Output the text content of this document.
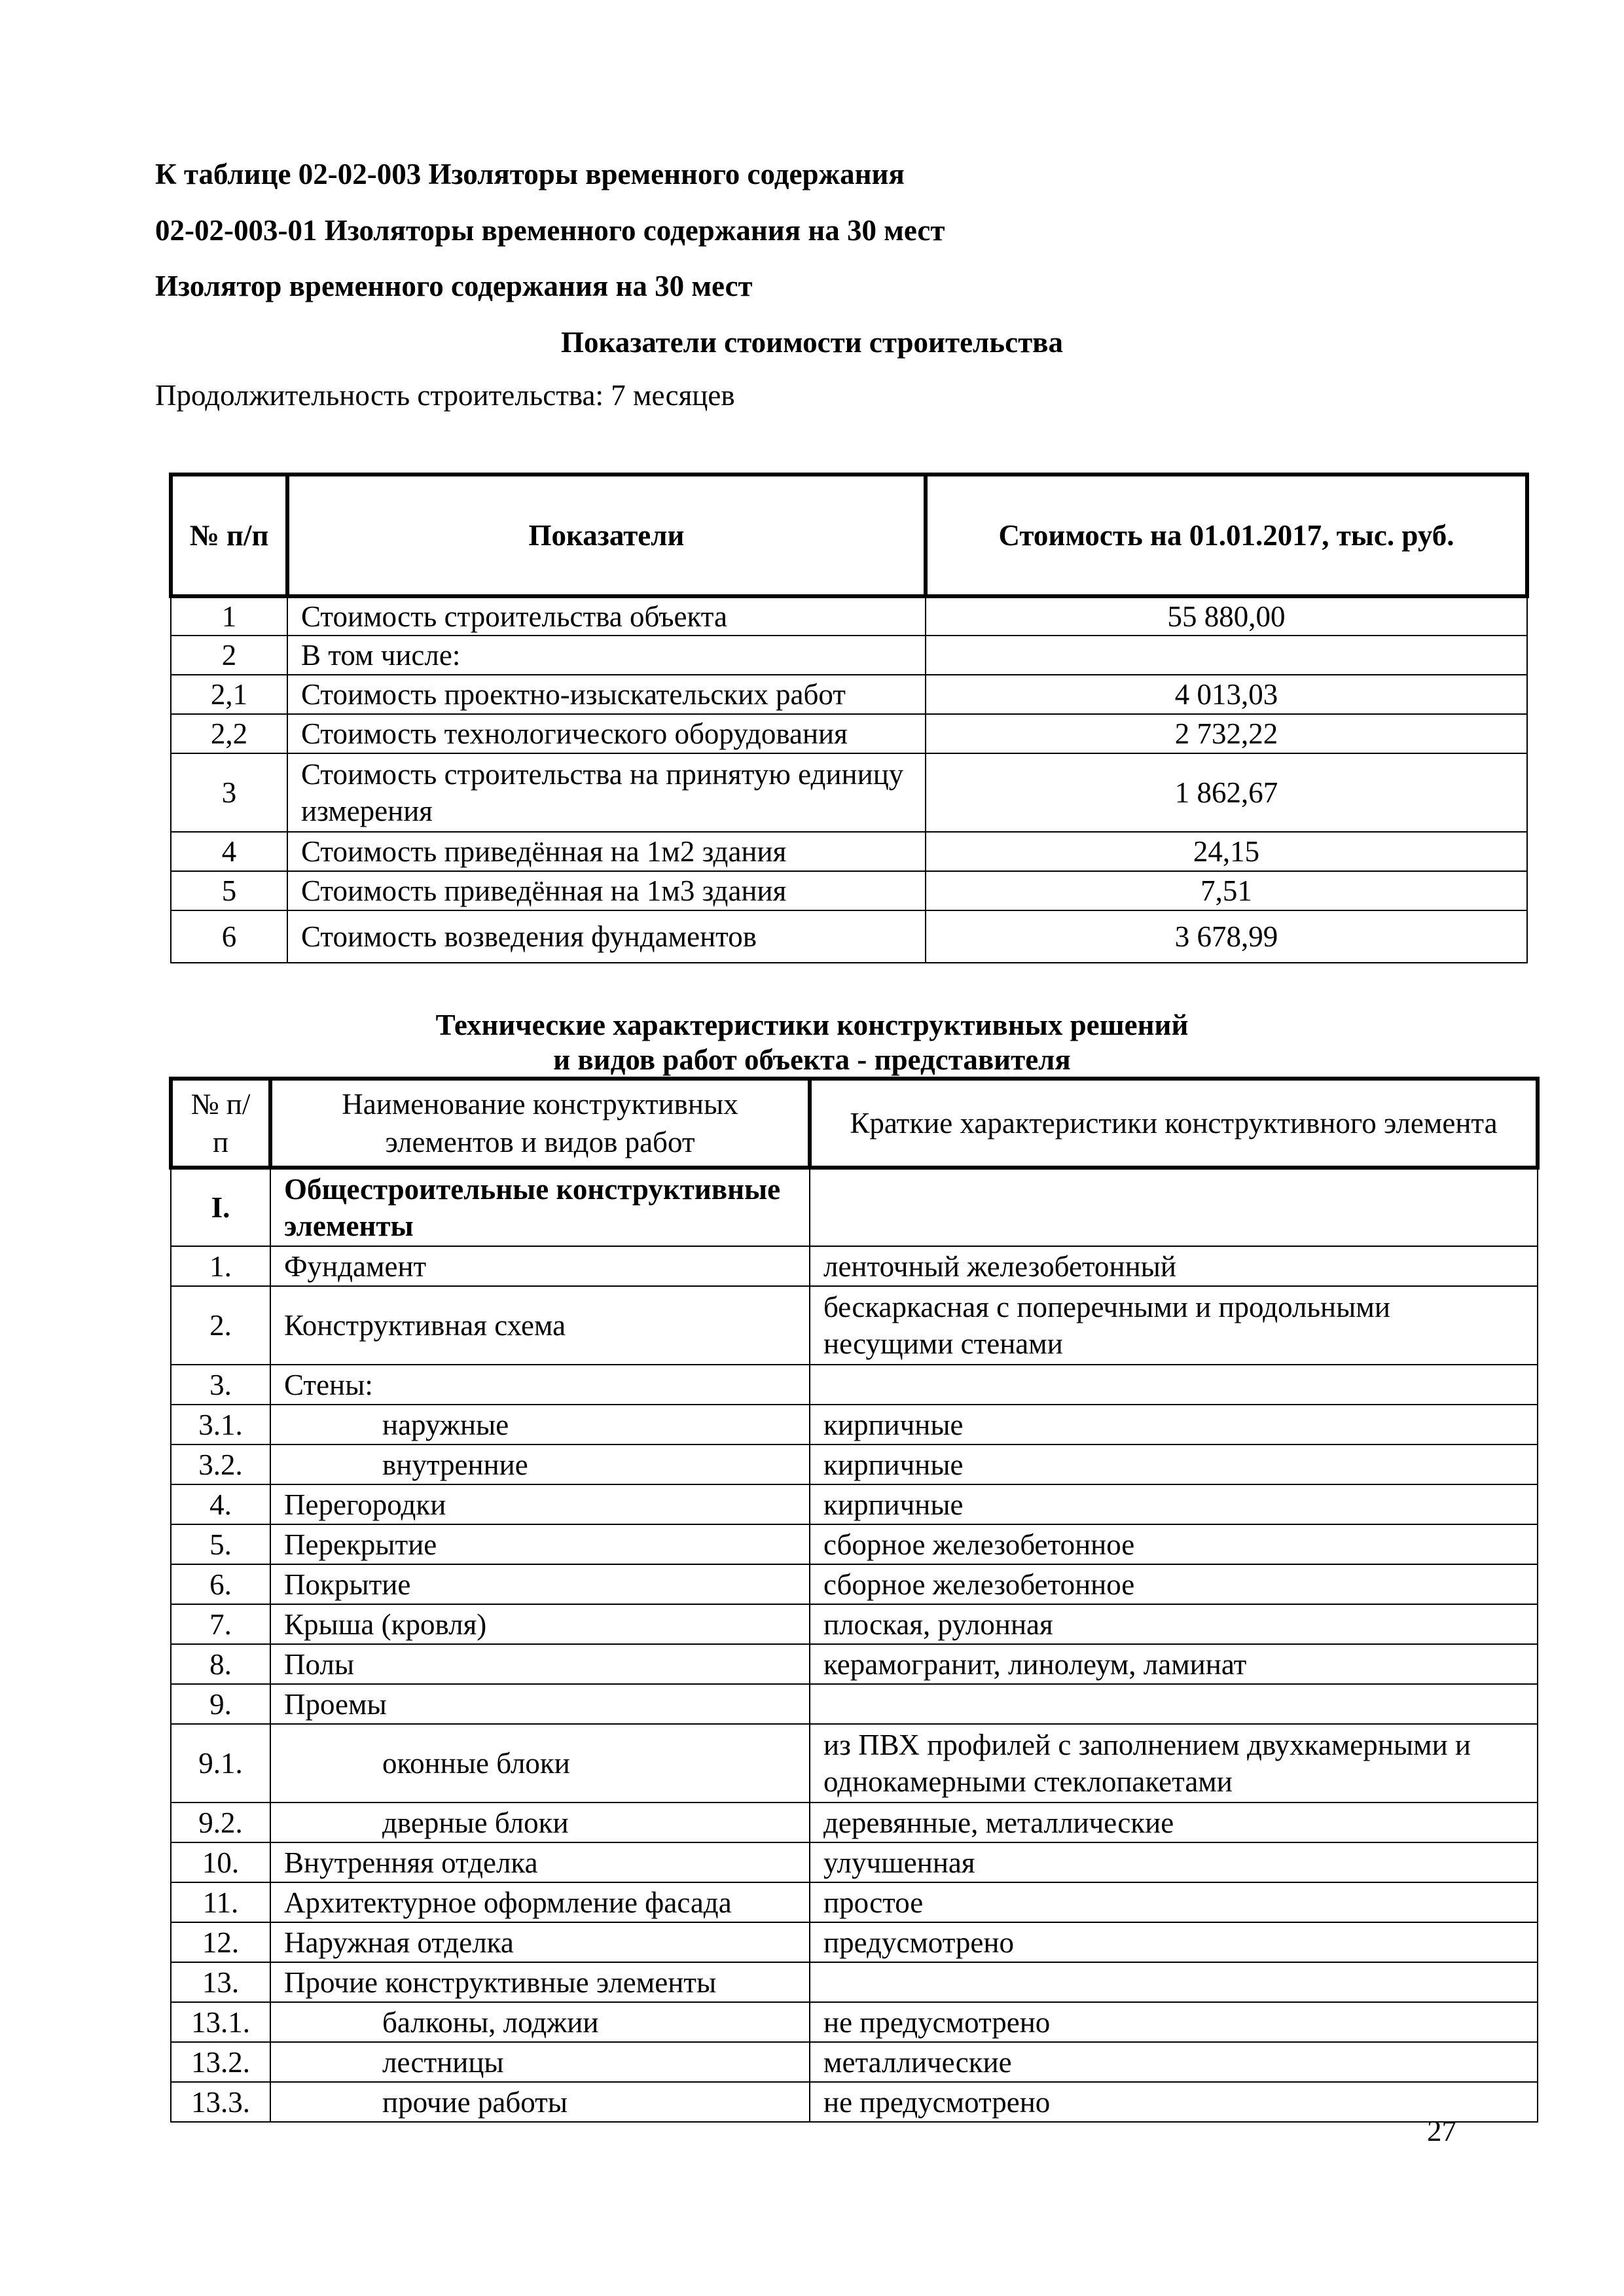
К таблице 02-02-003 Изоляторы временного содержания
02-02-003-01 Изоляторы временного содержания на 30 мест
Изолятор временного содержания на 30 мест
Показатели стоимости строительства
Продолжительность строительства: 7 месяцев
№ п/п	Показатели	Стоимость на 01.01.2017, тыс. руб.
1	Стоимость строительства объекта	55 880,00
2	В том числе:	
2,1	Стоимость проектно-изыскательских работ	4 013,03
2,2	Стоимость технологического оборудования	2 732,22
3	Стоимость строительства на принятую единицу измерения	1 862,67
4	Стоимость приведённая на 1м2 здания	24,15
5	Стоимость приведённая на 1м3 здания	7,51
6	Стоимость возведения фундаментов	3 678,99
Технические характеристики конструктивных решений
и видов работ объекта - представителя
№ п/п	Наименование конструктивных элементов и видов работ	Краткие характеристики конструктивного элемента
I.	Общестроительные конструктивные элементы	
1.	Фундамент	ленточный железобетонный
2.	Конструктивная схема	бескаркасная с поперечными и продольными несущими стенами
3.	Стены:	
3.1.	наружные	кирпичные
3.2.	внутренние	кирпичные
4.	Перегородки	кирпичные
5.	Перекрытие	сборное железобетонное
6.	Покрытие	сборное железобетонное
7.	Крыша (кровля)	плоская, рулонная
8.	Полы	керамогранит, линолеум, ламинат
9.	Проемы	
9.1.	оконные блоки	из ПВХ профилей с заполнением двухкамерными и однокамерными стеклопакетами
9.2.	дверные блоки	деревянные, металлические
10.	Внутренняя отделка	улучшенная
11.	Архитектурное оформление фасада	простое
12.	Наружная отделка	предусмотрено
13.	Прочие конструктивные элементы	
13.1.	балконы, лоджии	не предусмотрено
13.2.	лестницы	металлические
13.3.	прочие работы	не предусмотрено
27
